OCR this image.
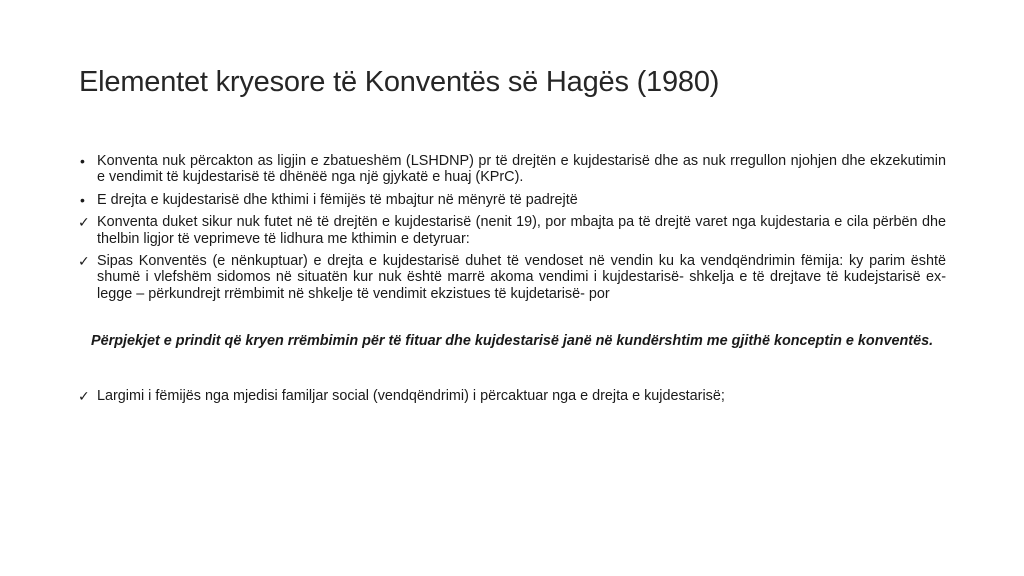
Elementet kryesore të Konventës së Hagës (1980)
• Konventa nuk përcakton as ligjin e zbatueshëm (LSHDNP) pr të drejtën e kujdestarisë dhe as nuk rregullon njohjen dhe ekzekutimin e vendimit të kujdestarisë të dhënëë nga një gjykatë e huaj (KPrC).
• E drejta e kujdestarisë dhe kthimi i fëmijës të mbajtur në mënyrë të padrejtë
✓ Konventa duket sikur nuk futet në të drejtën e kujdestarisë (nenit 19), por mbajta pa të drejtë varet nga kujdestaria e cila përbën dhe thelbin ligjor të veprimeve të lidhura me kthimin e detyruar:
✓ Sipas Konventës (e nënkuptuar) e drejta e kujdestarisë duhet të vendoset në vendin ku ka vendqëndrimin fëmija: ky parim është shumë i vlefshëm sidomos në situatën kur nuk është marrë akoma vendimi i kujdestarisë- shkelja e të drejtave të kudejstarisë ex-legge – përkundrejt rrëmbimit në shkelje të vendimit ekzistues të kujdetarisë- por
Përpjekjet e prindit që kryen rrëmbimin për të fituar dhe kujdestarisë janë në kundërshtim me gjithë konceptin e konventës.
✓ Largimi i fëmijës nga mjedisi familjar social (vendqëndrimi) i përcaktuar nga e drejta e kujdestarisë;
